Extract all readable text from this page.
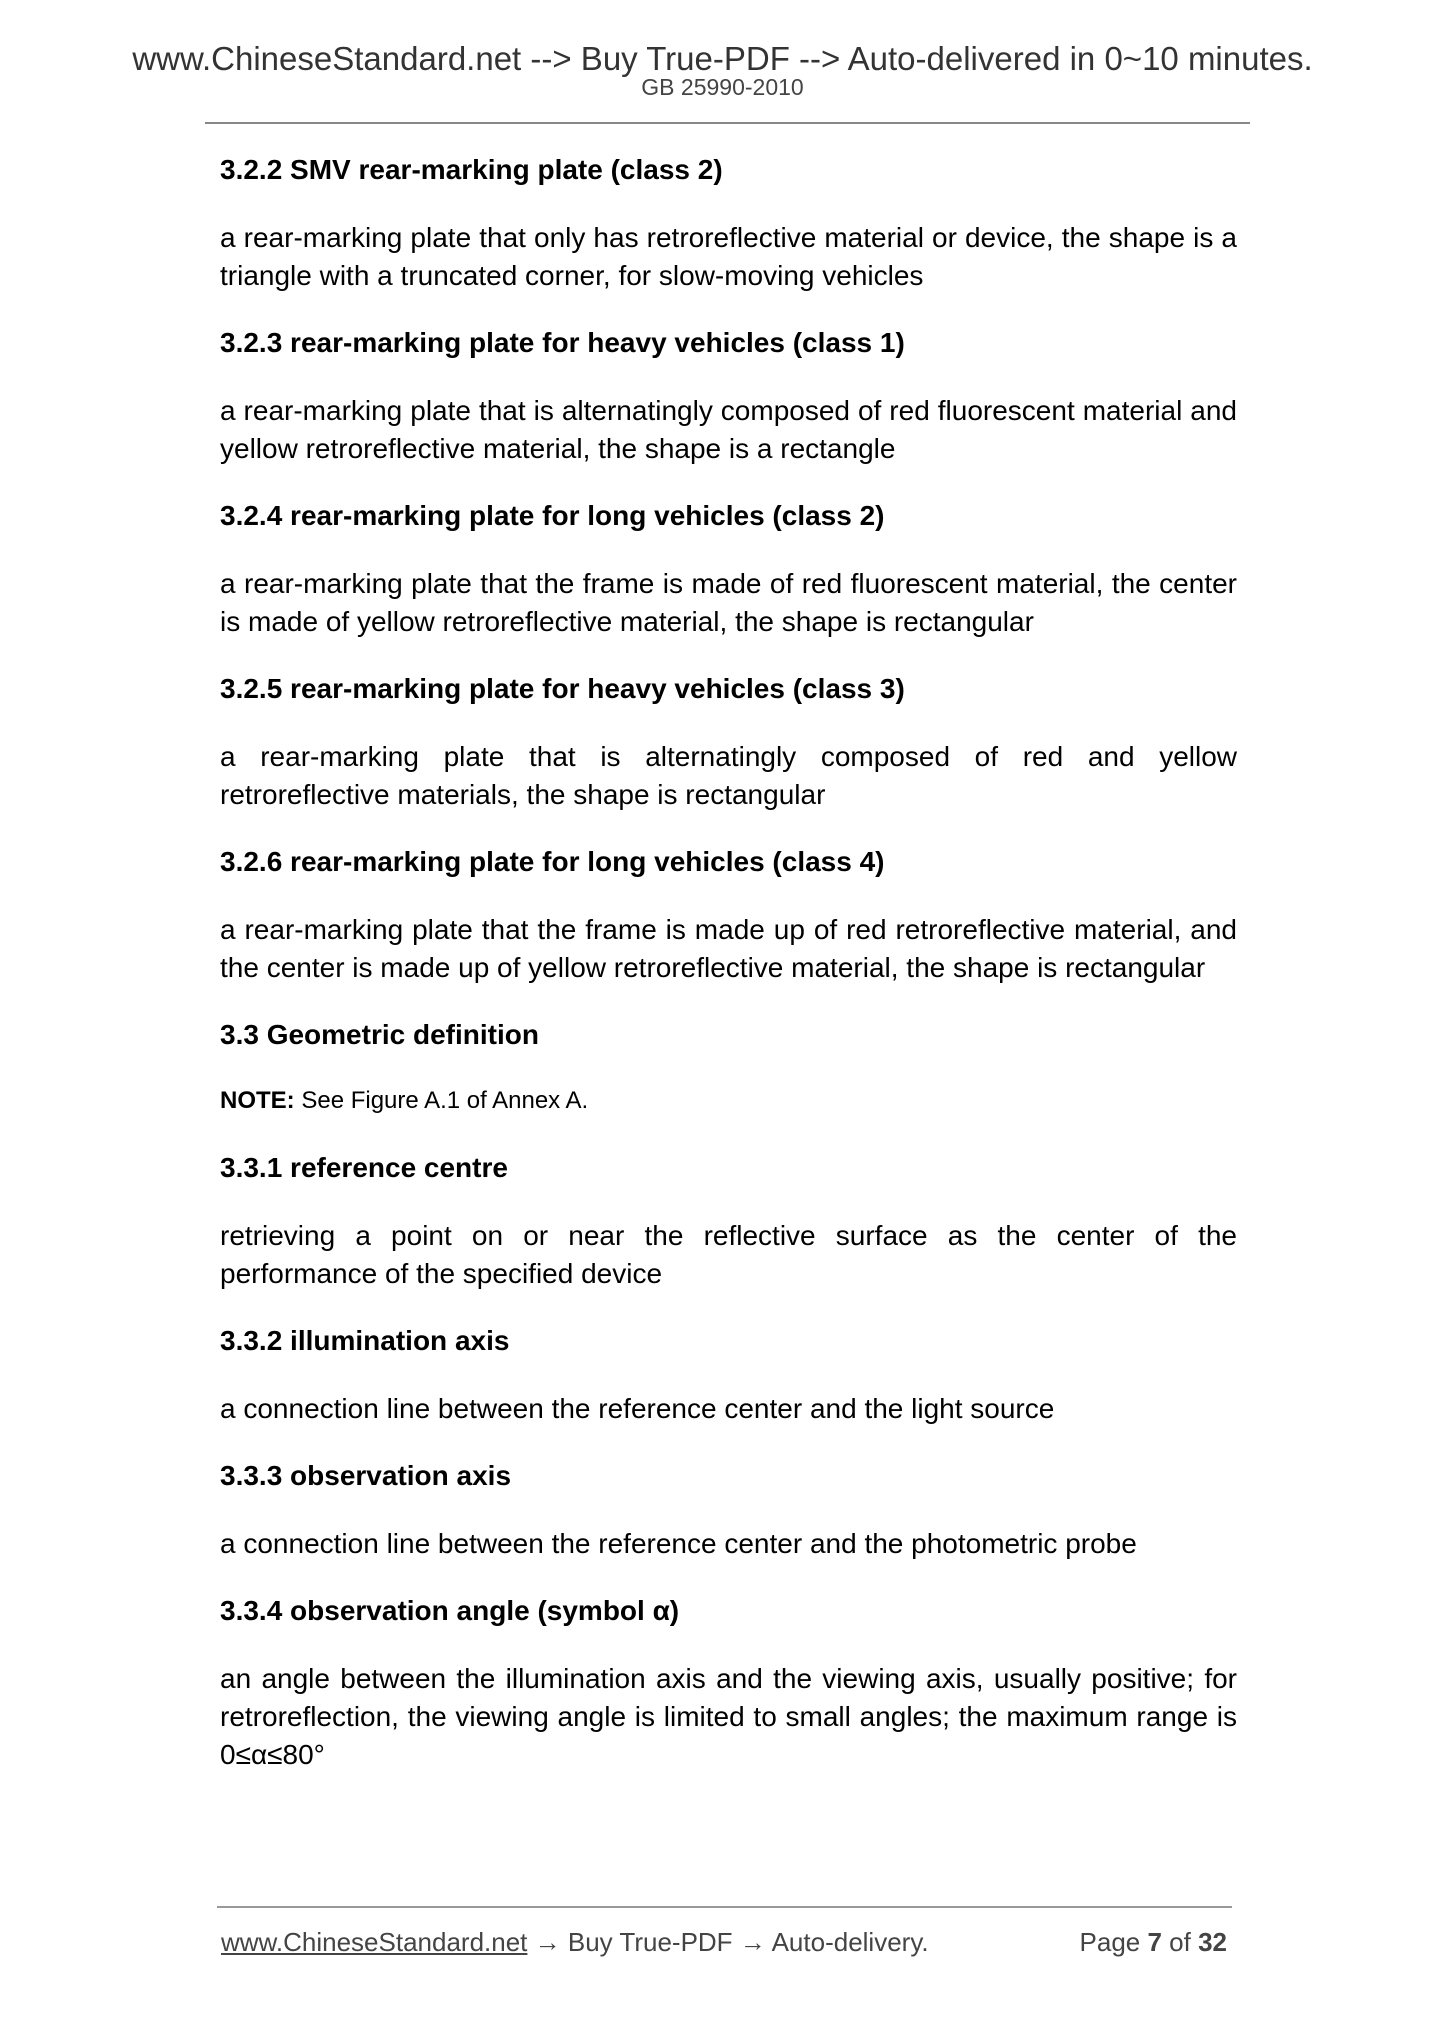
www.ChineseStandard.net --> Buy True-PDF --> Auto-delivered in 0~10 minutes.
GB 25990-2010
3.2.2 SMV rear-marking plate (class 2)
a rear-marking plate that only has retroreflective material or device, the shape is a triangle with a truncated corner, for slow-moving vehicles
3.2.3 rear-marking plate for heavy vehicles (class 1)
a rear-marking plate that is alternatingly composed of red fluorescent material and yellow retroreflective material, the shape is a rectangle
3.2.4 rear-marking plate for long vehicles (class 2)
a rear-marking plate that the frame is made of red fluorescent material, the center is made of yellow retroreflective material, the shape is rectangular
3.2.5 rear-marking plate for heavy vehicles (class 3)
a rear-marking plate that is alternatingly composed of red and yellow retroreflective materials, the shape is rectangular
3.2.6 rear-marking plate for long vehicles (class 4)
a rear-marking plate that the frame is made up of red retroreflective material, and the center is made up of yellow retroreflective material, the shape is rectangular
3.3 Geometric definition
NOTE: See Figure A.1 of Annex A.
3.3.1 reference centre
retrieving a point on or near the reflective surface as the center of the performance of the specified device
3.3.2 illumination axis
a connection line between the reference center and the light source
3.3.3 observation axis
a connection line between the reference center and the photometric probe
3.3.4 observation angle (symbol α)
an angle between the illumination axis and the viewing axis, usually positive; for retroreflection, the viewing angle is limited to small angles; the maximum range is 0≤α≤80°
www.ChineseStandard.net → Buy True-PDF → Auto-delivery.	Page 7 of 32
